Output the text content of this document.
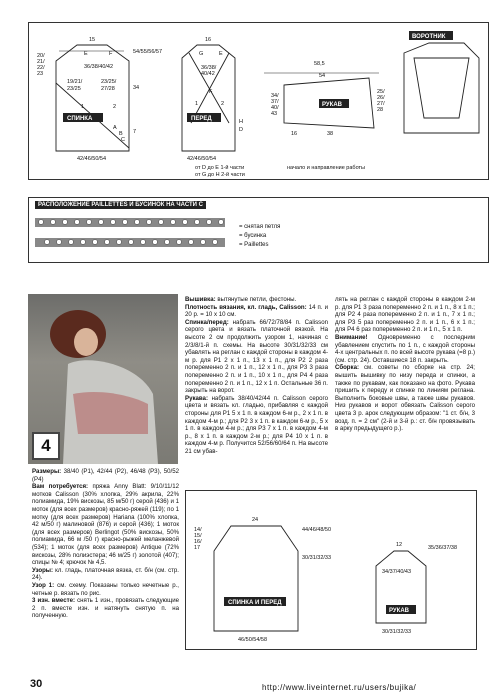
15
20/
21/
22/
23
54/55/56/57
36/38/40/42
19/21/
23/25
23/25/
27/28
A
B
C
E	F
1	2
34
7
42/46/50/54
СПИНКА
16
36/38/
40/42
G	E
F
H
D
1	2
42/46/50/54
от D до E 1-й части
от G до H 2-й части
ПЕРЕД
58,5
54
34/
37/
40/
43
25/
26/
27/
28
16	38
начало и направление работы
РУКАВ
ВОРОТНИК
РАСПОЛОЖЕНИЕ PAILLETTES И БУСИНОК НА ЧАСТИ С
= снятая петля
= бусинка
= Paillettes
4

Размеры: 38/40 (P1), 42/44 (P2), 46/48 (P3), 50/52 (P4)

Вам потребуется: пряжа Anny Blatt: 9/10/11/12 мотков Calisson (30% хлопка, 29% акрила, 22% полиамида, 19% вискозы, 85 м/50 г) серой (436) и 1 моток (для всех размеров) красно-ряжей (119); по 1 мотку (для всех размеров) Hariana (100% хлопка, 42 м/50 г) малиновой (876) и серой (436); 1 моток (для всех размеров) Berlingot (50% вискозы, 50% полиамида, 66 м /50 г) красно-рыжей меланжевой (534); 1 моток (для всех размеров) Antique (72% вискозы, 28% полиэстера; 46 м/25 г) золотой (407); спицы № 4; крючок № 4,5.

Узоры: кл. гладь, платочная вязка, ст. б/н (см. стр. 24).

Узор 1: см. схему. Показаны только нечетные р., четные р. вязать по рис.

3 изн. вместе: снять 1 изн., провязать следующие 2 п. вместе изн. и натянуть снятую п. на полученную.

Вышивка: вытянутые петли, фестоны.

Плотность вязания, кл. гладь, Calisson: 14 п. и 20 р. = 10 х 10 см.

Спинка/перед: набрать 66/72/78/84 п. Calisson серого цвета и вязать платочной вязкой. На высоте 2 см продолжить узором 1, начиная с 2/3/8/1-й п. схемы. На высоте 30/31/32/33 см убавлять на реглан с каждой стороны в каждом 4-м р. для Р1 2 х 1 п., 13 х 1 п., для Р2 2 раза попеременно 2 п. и 1 п., 12 х 1 п., для Р3 3 раза попеременно 2 п. и 1 п., 10 х 1 п., для Р4 4 раза попеременно 2 п. и 1 п., 12 х 1 п. Остальные 36 п. закрыть на ворот.

Рукава: набрать 38/40/42/44 п. Calisson серого цвета и вязать кл. гладью, прибавляя с каждой стороны для Р1 5 х 1 п. в каждом 6-м р., 2 х 1 п. в каждом 4-м р.; для Р2 3 х 1 п. в каждом 6-м р., 5 х 1 п. в каждом 4-м р.; для Р3 7 х 1 п. в каждом 4-м р., 8 х 1 п. в каждом 2-м р.; для Р4 10 х 1 п. в каждом 4-м р. Получится 52/56/60/64 п. На высоте 21 см убав-

лять на реглан с каждой стороны в каждом 2-м р. для Р1 3 раза попеременно 2 п. и 1 п., 8 х 1 п.; для Р2 4 раза попеременно 2 п. и 1 п., 7 х 1 п.; для Р3 5 раз попеременно 2 п. и 1 п., 6 х 1 п.; для Р4 6 раз попеременно 2 п. и 1 п., 5 х 1 п.

Внимание! Одновременно с последним убавлением спустить по 1 п., с каждой стороны 4-х центральных п. по всей высоте рукава (=8 р.) (см. стр. 24). Оставшиеся 18 п. закрыть.

Сборка: см. советы по сборке на стр. 24; вышить вышивку по низу переда и спинки, а также по рукавам, как показано на фото. Рукава пришить к переду и спинке по линиям реглана. Выполнить боковые швы, а также швы рукавов. Низ рукавов и ворот обвязать Calisson серого цвета 3 р. арок следующим образом: "1 ст. б/н, 3 возд. п. = 2 см" (2-й и 3-й р.: ст. б/н провязывать в арку предыдущего р.).

24
14/
15/
16/
17
44/46/48/50
30/31/32/33
46/50/54/58
СПИНКА И ПЕРЕД
12	35/36/37/38
34/37/40/43
30/31/32/33
РУКАВ
30	http://www.liveinternet.ru/users/bujika/
